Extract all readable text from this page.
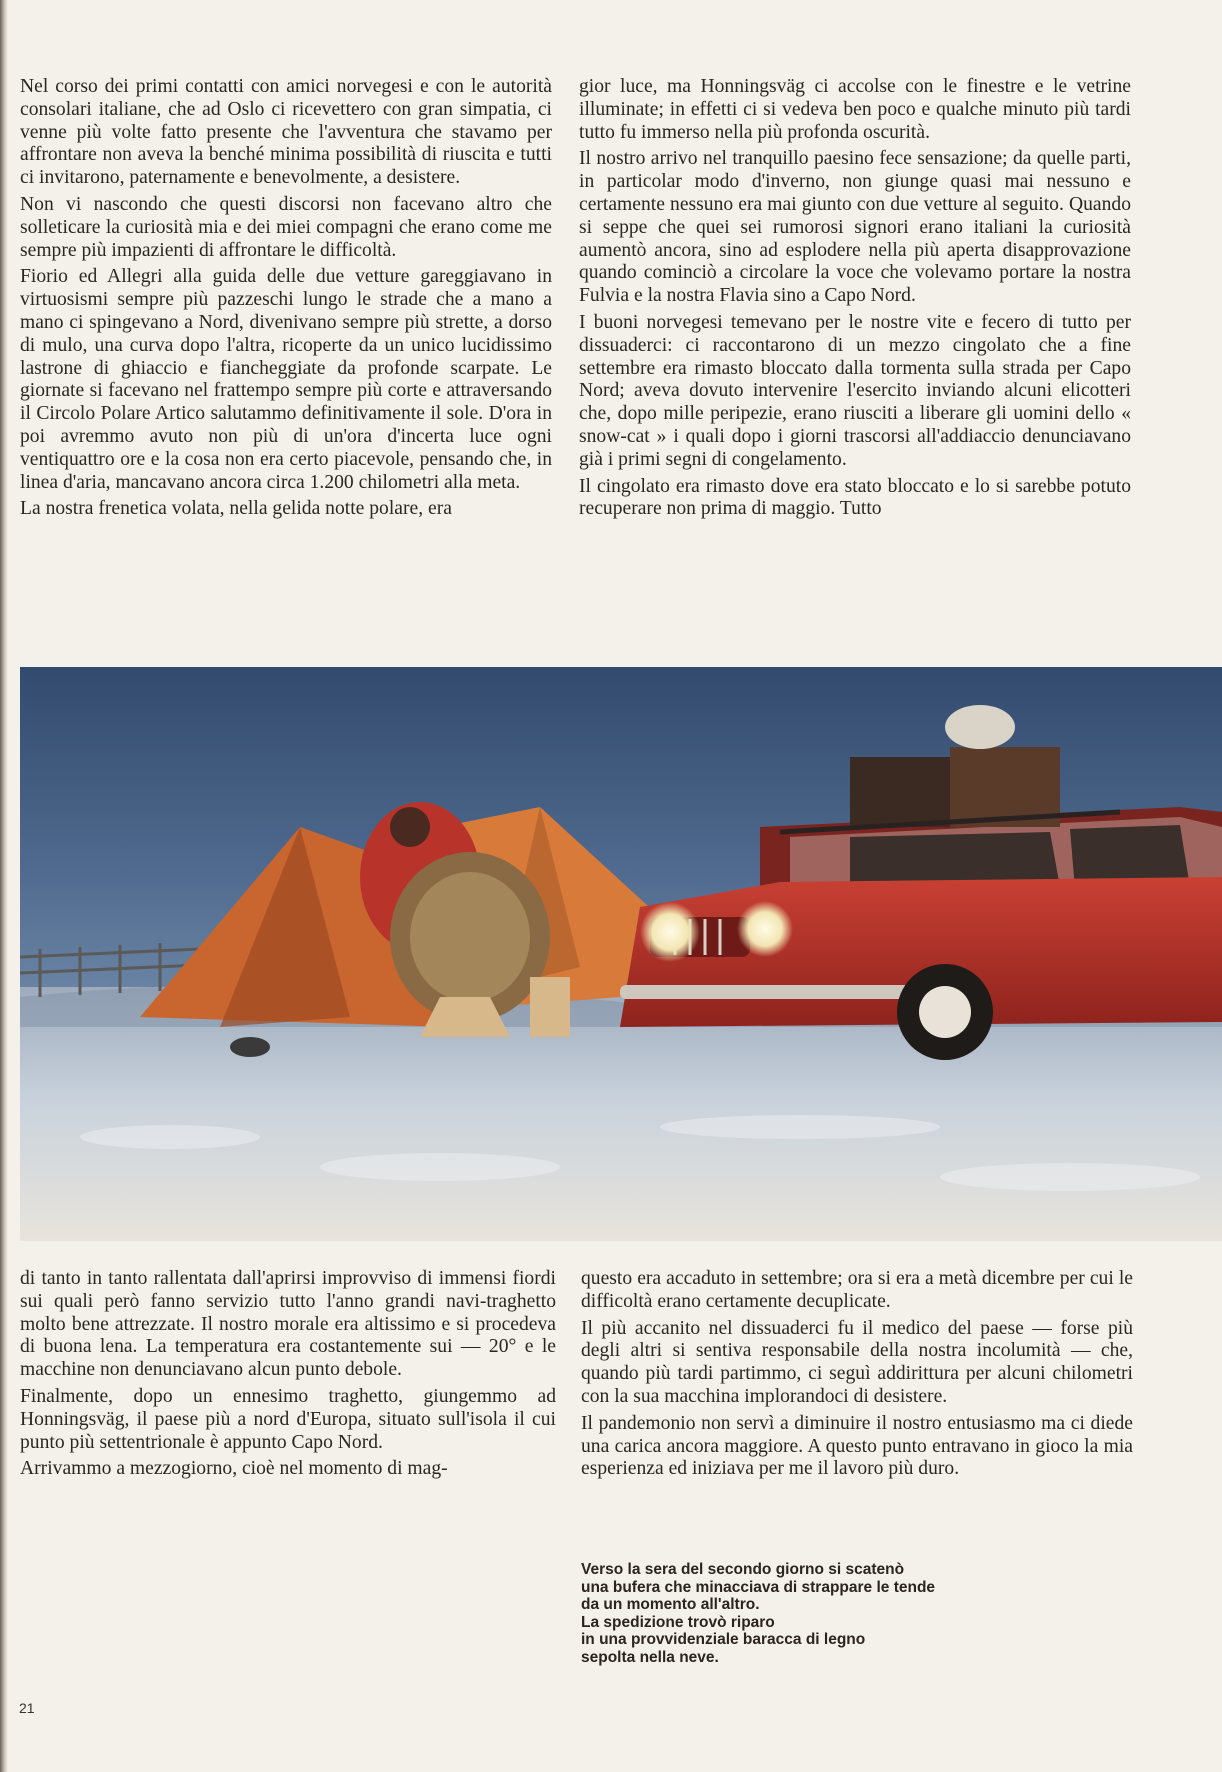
Nel corso dei primi contatti con amici norvegesi e con le autorità consolari italiane, che ad Oslo ci ricevettero con gran simpatia, ci venne più volte fatto presente che l'avventura che stavamo per affrontare non aveva la benché minima possibilità di riuscita e tutti ci invitarono, paternamente e benevolmente, a desistere.

Non vi nascondo che questi discorsi non facevano altro che solleticare la curiosità mia e dei miei compagni che erano come me sempre più impazienti di affrontare le difficoltà.

Fiorio ed Allegri alla guida delle due vetture gareggiavano in virtuosismi sempre più pazzeschi lungo le strade che a mano a mano ci spingevano a Nord, divenivano sempre più strette, a dorso di mulo, una curva dopo l'altra, ricoperte da un unico lucidissimo lastrone di ghiaccio e fiancheggiate da profonde scarpate. Le giornate si facevano nel frattempo sempre più corte e attraversando il Circolo Polare Artico salutammo definitivamente il sole. D'ora in poi avremmo avuto non più di un'ora d'incerta luce ogni ventiquattro ore e la cosa non era certo piacevole, pensando che, in linea d'aria, mancavano ancora circa 1.200 chilometri alla meta.

La nostra frenetica volata, nella gelida notte polare, era

gior luce, ma Honningsväg ci accolse con le finestre e le vetrine illuminate; in effetti ci si vedeva ben poco e qualche minuto più tardi tutto fu immerso nella più profonda oscurità.

Il nostro arrivo nel tranquillo paesino fece sensazione; da quelle parti, in particolar modo d'inverno, non giunge quasi mai nessuno e certamente nessuno era mai giunto con due vetture al seguito. Quando si seppe che quei sei rumorosi signori erano italiani la curiosità aumentò ancora, sino ad esplodere nella più aperta disapprovazione quando cominciò a circolare la voce che volevamo portare la nostra Fulvia e la nostra Flavia sino a Capo Nord.

I buoni norvegesi temevano per le nostre vite e fecero di tutto per dissuaderci: ci raccontarono di un mezzo cingolato che a fine settembre era rimasto bloccato dalla tormenta sulla strada per Capo Nord; aveva dovuto intervenire l'esercito inviando alcuni elicotteri che, dopo mille peripezie, erano riusciti a liberare gli uomini dello « snow-cat » i quali dopo i giorni trascorsi all'addiaccio denunciavano già i primi segni di congelamento.

Il cingolato era rimasto dove era stato bloccato e lo si sarebbe potuto recuperare non prima di maggio. Tutto

di tanto in tanto rallentata dall'aprirsi improvviso di immensi fiordi sui quali però fanno servizio tutto l'anno grandi navi-traghetto molto bene attrezzate. Il nostro morale era altissimo e si procedeva di buona lena. La temperatura era costantemente sui — 20° e le macchine non denunciavano alcun punto debole.

Finalmente, dopo un ennesimo traghetto, giungemmo ad Honningsväg, il paese più a nord d'Europa, situato sull'isola il cui punto più settentrionale è appunto Capo Nord.

Arrivammo a mezzogiorno, cioè nel momento di mag-

questo era accaduto in settembre; ora si era a metà dicembre per cui le difficoltà erano certamente decuplicate.

Il più accanito nel dissuaderci fu il medico del paese — forse più degli altri si sentiva responsabile della nostra incolumità — che, quando più tardi partimmo, ci seguì addirittura per alcuni chilometri con la sua macchina implorandoci di desistere.

Il pandemonio non servì a diminuire il nostro entusiasmo ma ci diede una carica ancora maggiore. A questo punto entravano in gioco la mia esperienza ed iniziava per me il lavoro più duro.

Verso la sera del secondo giorno si scatenò
una bufera che minacciava di strappare le tende
da un momento all'altro.
La spedizione trovò riparo
in una provvidenziale baracca di legno
sepolta nella neve.
21
